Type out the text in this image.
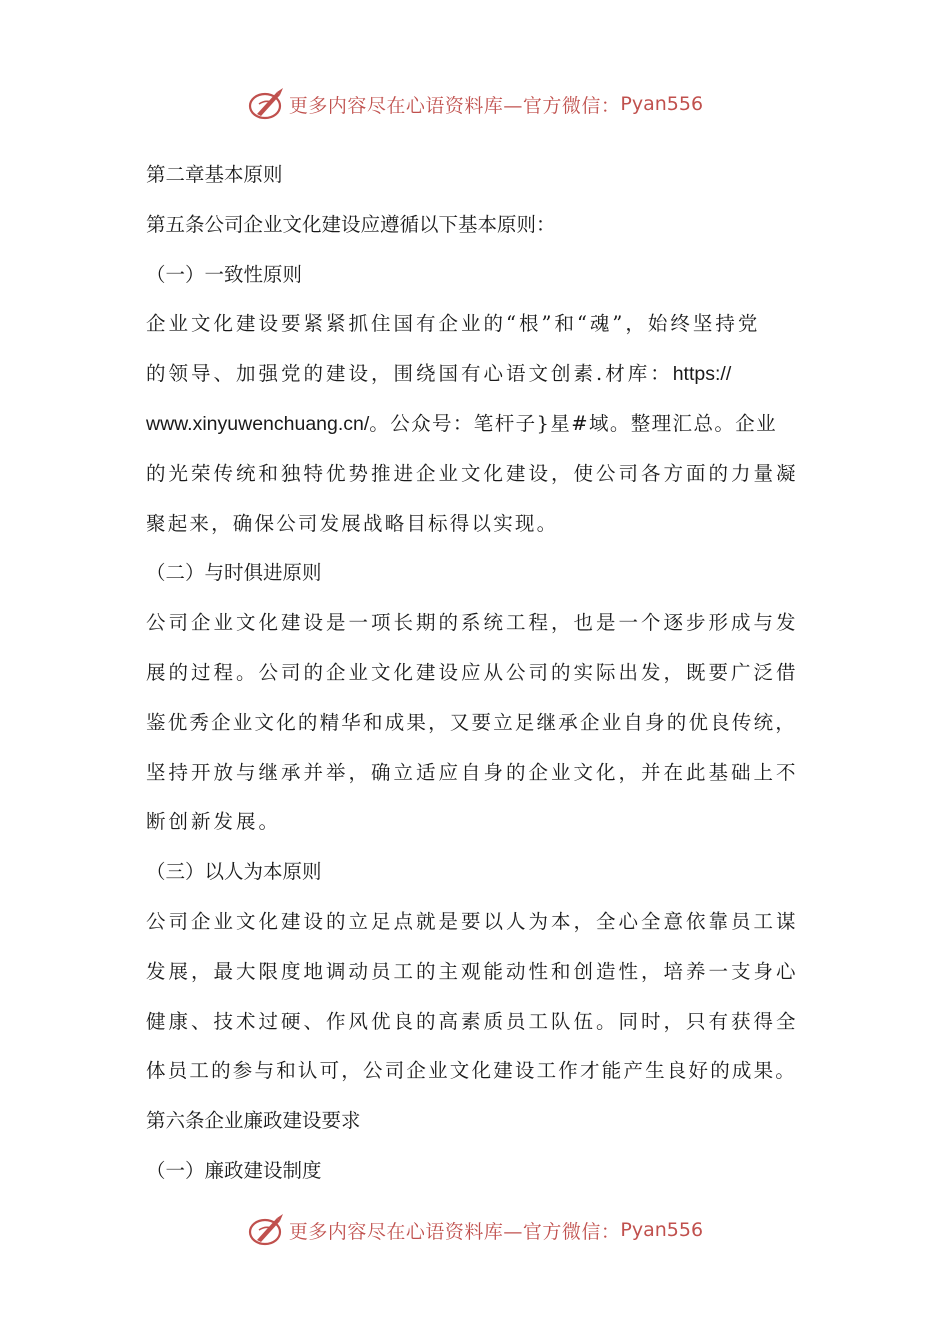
更多内容尽在心语资料库—官方微信： Pyan556
第二章基本原则
第五条公司企业文化建设应遵循以下基本原则：
（一）一致性原则
企业文化建设要紧紧抓住国有企业的“根”和“魂”，始终坚持党
的领导、加强党的建设，围绕国有心语文创素.材库：https://
www.xinyuwenchuang.cn/。公众号：笔杆子}星#域。整理汇总。企业
的光荣传统和独特优势推进企业文化建设，使公司各方面的力量凝
聚起来，确保公司发展战略目标得以实现。
（二）与时俱进原则
公司企业文化建设是一项长期的系统工程，也是一个逐步形成与发
展的过程。公司的企业文化建设应从公司的实际出发，既要广泛借
鉴优秀企业文化的精华和成果，又要立足继承企业自身的优良传统，
坚持开放与继承并举，确立适应自身的企业文化，并在此基础上不
断创新发展。
（三）以人为本原则
公司企业文化建设的立足点就是要以人为本，全心全意依靠员工谋
发展，最大限度地调动员工的主观能动性和创造性，培养一支身心
健康、技术过硬、作风优良的高素质员工队伍。同时，只有获得全
体员工的参与和认可，公司企业文化建设工作才能产生良好的成果。
第六条企业廉政建设要求
（一）廉政建设制度
更多内容尽在心语资料库—官方微信： Pyan556
